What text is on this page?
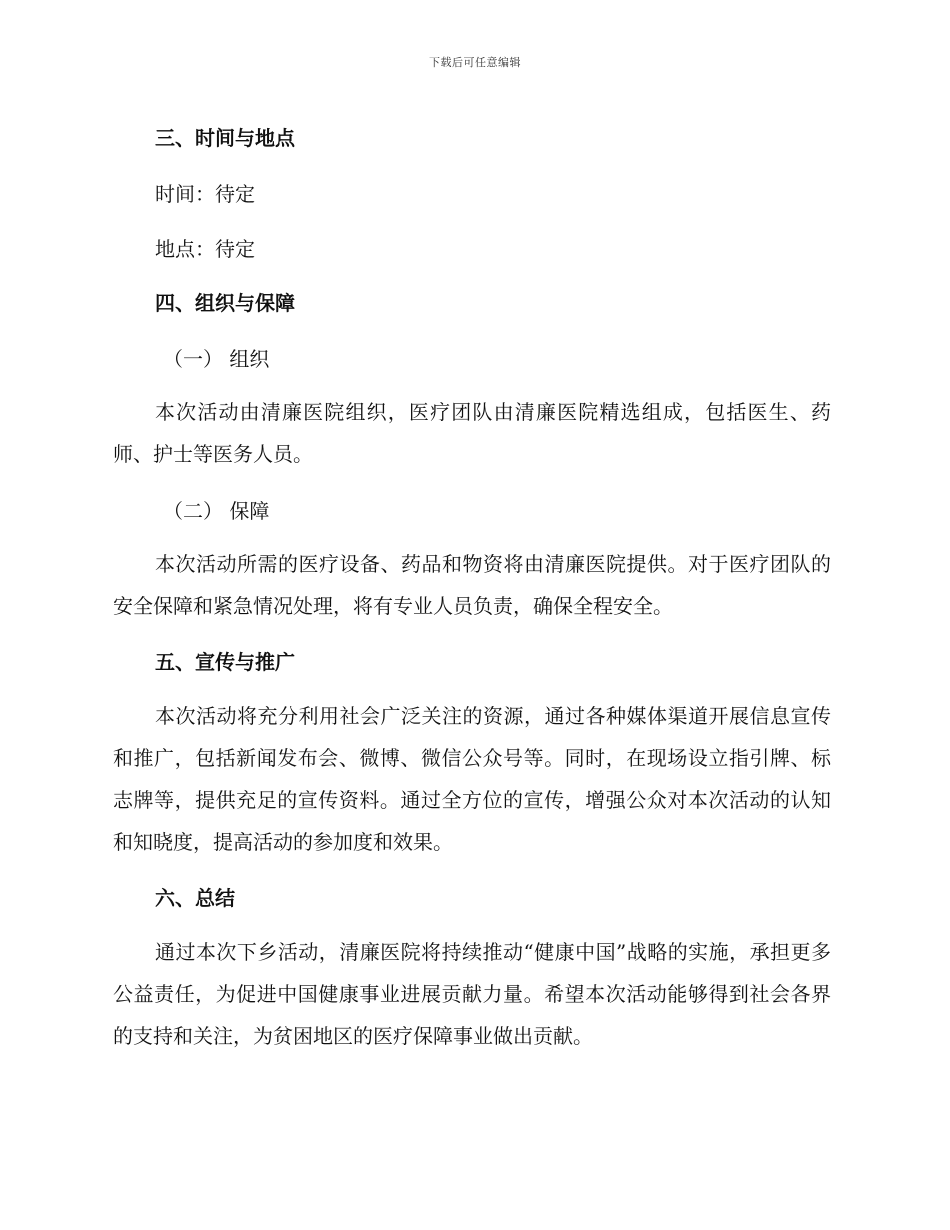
下载后可任意编辑
三、时间与地点

时间：待定

地点：待定

四、组织与保障

（一） 组织

本次活动由清廉医院组织，医疗团队由清廉医院精选组成，包括医生、药师、护士等医务人员。

（二） 保障

本次活动所需的医疗设备、药品和物资将由清廉医院提供。对于医疗团队的安全保障和紧急情况处理，将有专业人员负责，确保全程安全。

五、宣传与推广

本次活动将充分利用社会广泛关注的资源，通过各种媒体渠道开展信息宣传和推广，包括新闻发布会、微博、微信公众号等。同时，在现场设立指引牌、标志牌等，提供充足的宣传资料。通过全方位的宣传，增强公众对本次活动的认知和知晓度，提高活动的参加度和效果。

六、总结

通过本次下乡活动，清廉医院将持续推动“健康中国”战略的实施，承担更多公益责任，为促进中国健康事业进展贡献力量。希望本次活动能够得到社会各界的支持和关注，为贫困地区的医疗保障事业做出贡献。
